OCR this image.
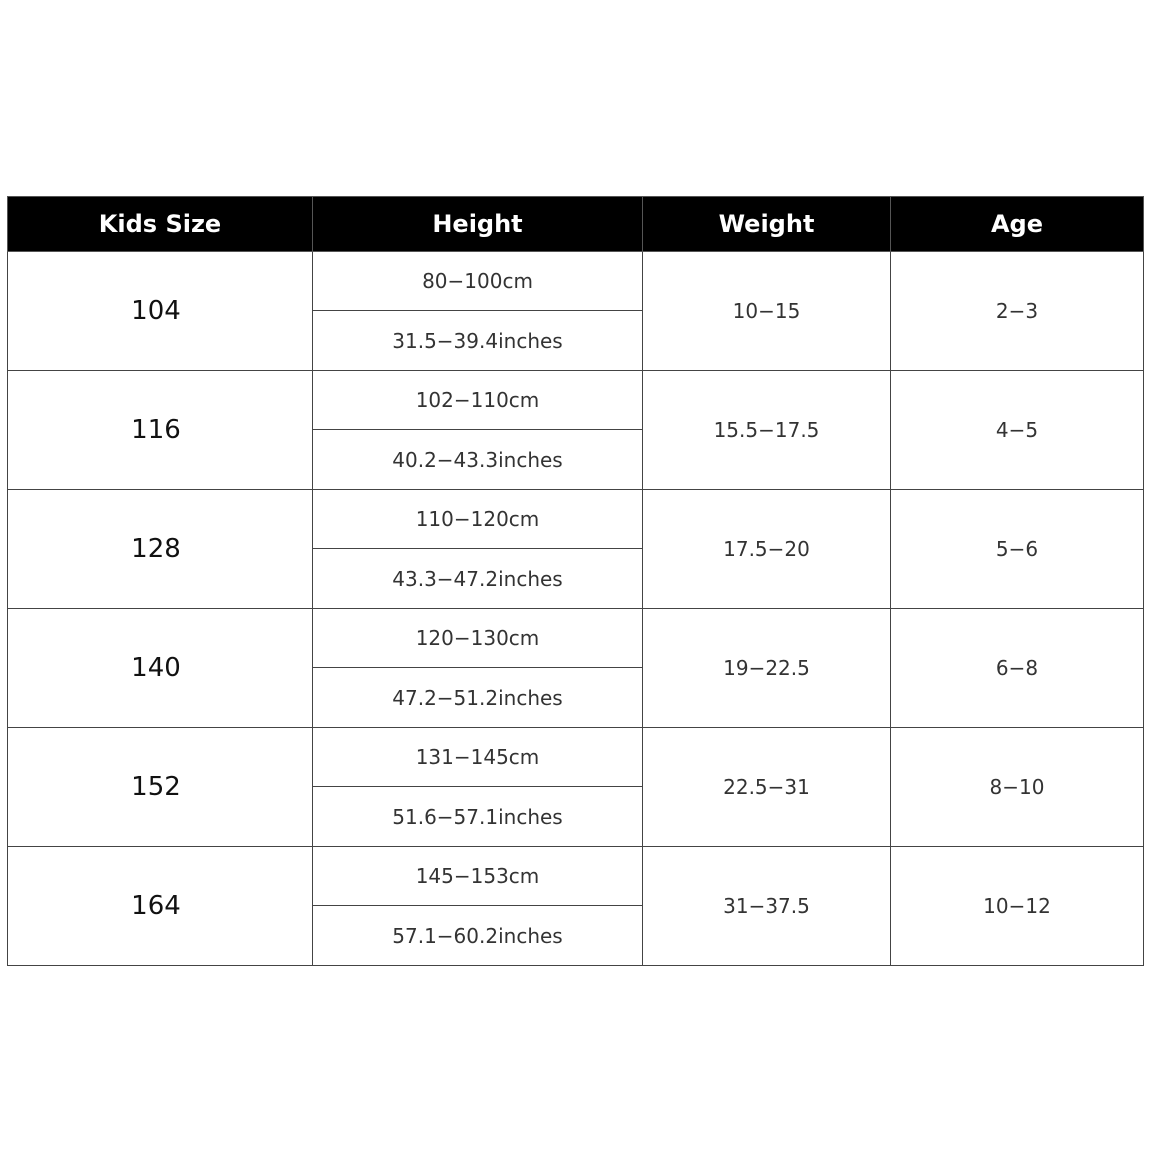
Kids Size	Height	Weight	Age
104	80−100cm	10−15	2−3
	31.5−39.4inches		
116	102−110cm	15.5−17.5	4−5
	40.2−43.3inches		
128	110−120cm	17.5−20	5−6
	43.3−47.2inches		
140	120−130cm	19−22.5	6−8
	47.2−51.2inches		
152	131−145cm	22.5−31	8−10
	51.6−57.1inches		
164	145−153cm	31−37.5	10−12
	57.1−60.2inches		
